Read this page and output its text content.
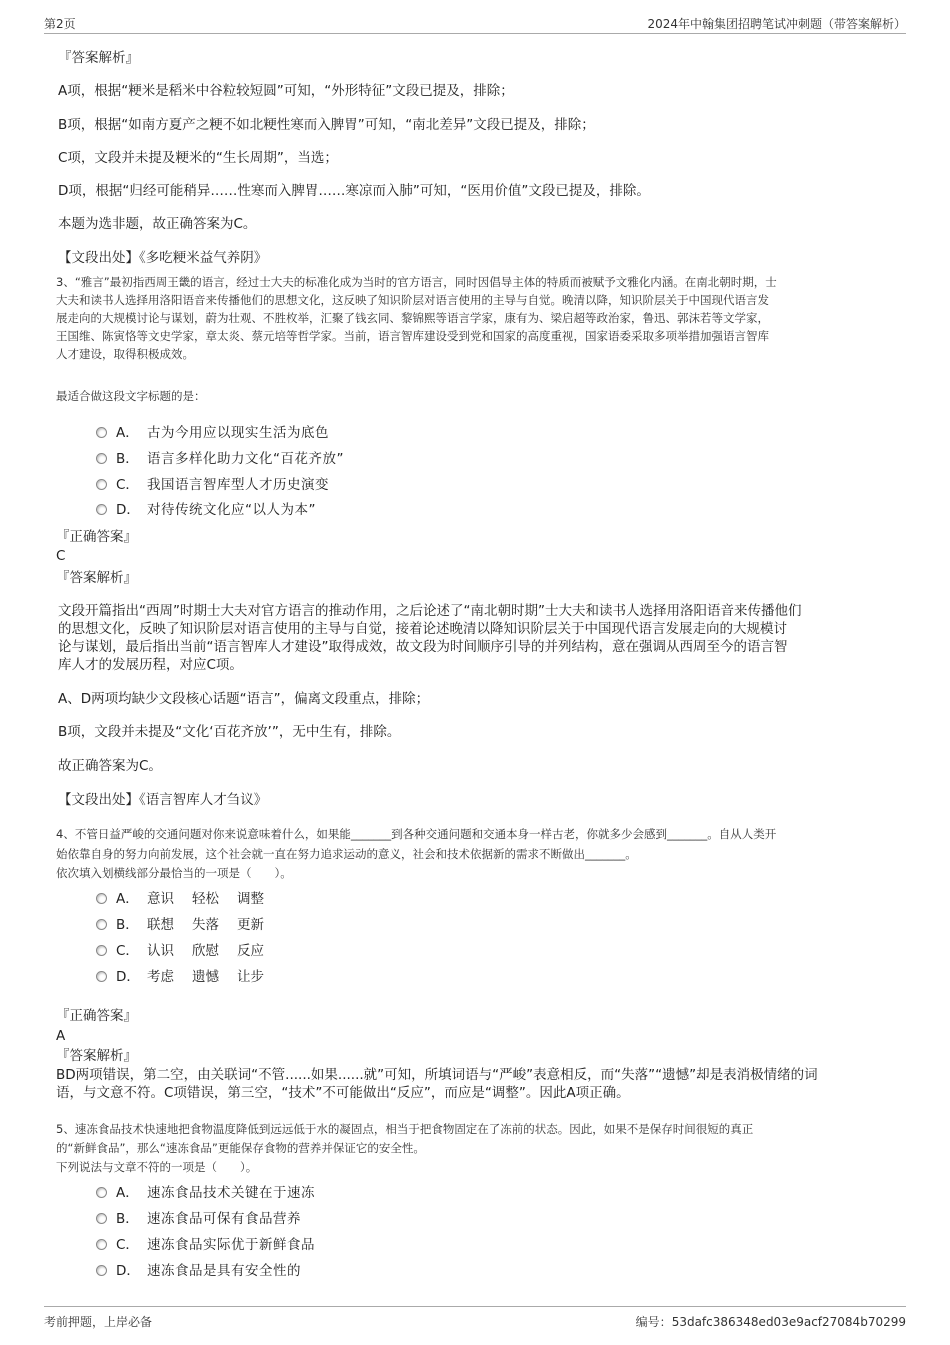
第2页	2024年中翰集团招聘笔试冲刺题（带答案解析）
『答案解析』
A项，根据“粳米是稻米中谷粒较短圆”可知，“外形特征”文段已提及，排除；
B项，根据“如南方夏产之粳不如北粳性寒而入脾胃”可知，“南北差异”文段已提及，排除；
C项，文段并未提及粳米的“生长周期”，当选；
D项，根据“归经可能稍异……性寒而入脾胃……寒凉而入肺”可知，“医用价值”文段已提及，排除。
本题为选非题，故正确答案为C。
【文段出处】《多吃粳米益气养阴》
3、“雅言”最初指西周王畿的语言，经过士大夫的标准化成为当时的官方语言，同时因倡导主体的特质而被赋予文雅化内涵。在南北朝时期，士
大夫和读书人选择用洛阳语音来传播他们的思想文化，这反映了知识阶层对语言使用的主导与自觉。晚清以降，知识阶层关于中国现代语言发
展走向的大规模讨论与谋划，蔚为壮观、不胜枚举，汇聚了钱玄同、黎锦熙等语言学家，康有为、梁启超等政治家，鲁迅、郭沫若等文学家，
王国维、陈寅恪等文史学家，章太炎、蔡元培等哲学家。当前，语言智库建设受到党和国家的高度重视，国家语委采取多项举措加强语言智库
人才建设，取得积极成效。
最适合做这段文字标题的是：
A． 古为今用应以现实生活为底色
B． 语言多样化助力文化“百花齐放”
C． 我国语言智库型人才历史演变
D． 对待传统文化应“以人为本”
『正确答案』
C
『答案解析』
文段开篇指出“西周”时期士大夫对官方语言的推动作用，之后论述了“南北朝时期”士大夫和读书人选择用洛阳语音来传播他们
的思想文化，反映了知识阶层对语言使用的主导与自觉，接着论述晚清以降知识阶层关于中国现代语言发展走向的大规模讨
论与谋划，最后指出当前“语言智库人才建设”取得成效，故文段为时间顺序引导的并列结构，意在强调从西周至今的语言智
库人才的发展历程，对应C项。
A、D两项均缺少文段核心话题“语言”，偏离文段重点，排除；
B项，文段并未提及“文化‘百花齐放’”，无中生有，排除。
故正确答案为C。
【文段出处】《语言智库人才刍议》
4、不管日益严峻的交通问题对你来说意味着什么，如果能_______到各种交通问题和交通本身一样古老，你就多少会感到_______。自从人类开
始依靠自身的努力向前发展，这个社会就一直在努力追求运动的意义，社会和技术依据新的需求不断做出_______。
依次填入划横线部分最恰当的一项是（　　）。
A． 意识 轻松 调整
B． 联想 失落 更新
C． 认识 欣慰 反应
D． 考虑 遗憾 让步
『正确答案』
A
『答案解析』
BD两项错误，第二空，由关联词“不管......如果......就”可知，所填词语与“严峻”表意相反，而“失落”“遗憾”却是表消极情绪的词
语，与文意不符。C项错误，第三空，“技术”不可能做出“反应”，而应是“调整”。因此A项正确。
5、速冻食品技术快速地把食物温度降低到远远低于水的凝固点，相当于把食物固定在了冻前的状态。因此，如果不是保存时间很短的真正
的“新鲜食品”，那么“速冻食品”更能保存食物的营养并保证它的安全性。
下列说法与文章不符的一项是（　　）。
A． 速冻食品技术关键在于速冻
B． 速冻食品可保有食品营养
C． 速冻食品实际优于新鲜食品
D． 速冻食品是具有安全性的
考前押题，上岸必备	编号：53dafc386348ed03e9acf27084b70299
